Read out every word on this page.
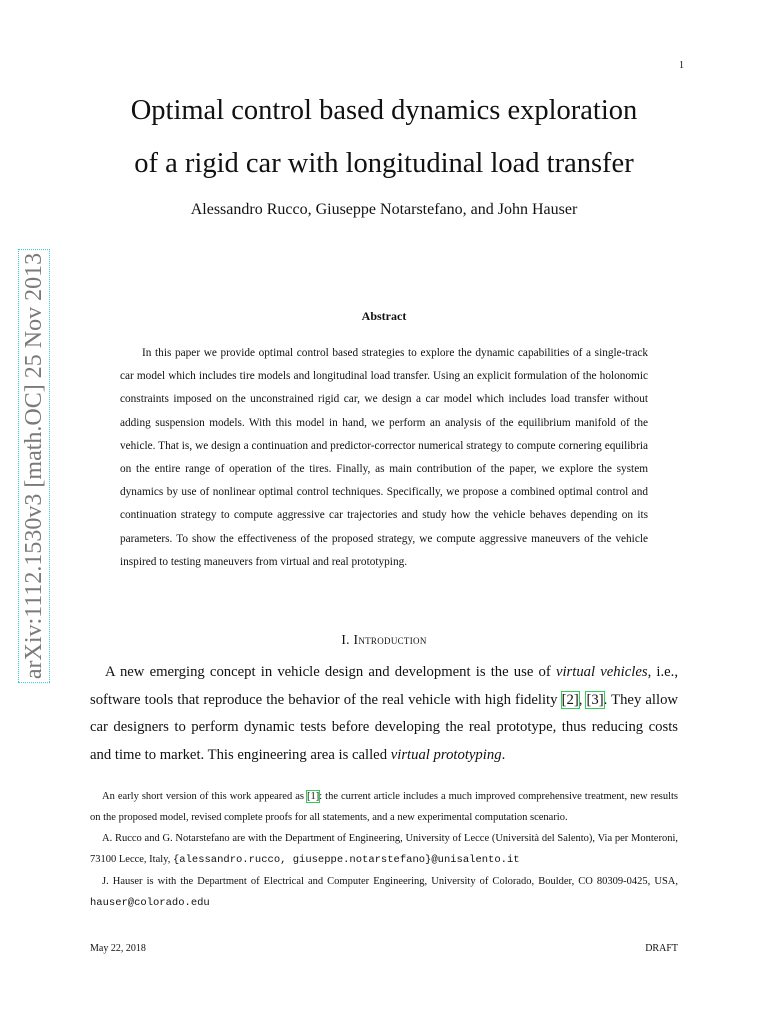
1
Optimal control based dynamics exploration
of a rigid car with longitudinal load transfer
Alessandro Rucco, Giuseppe Notarstefano, and John Hauser
arXiv:1112.1530v3 [math.OC] 25 Nov 2013	Abstract

In this paper we provide optimal control based strategies to explore the dynamic capabilities of a single-track car model which includes tire models and longitudinal load transfer. Using an explicit formulation of the holonomic constraints imposed on the unconstrained rigid car, we design a car model which includes load transfer without adding suspension models. With this model in hand, we perform an analysis of the equilibrium manifold of the vehicle. That is, we design a continuation and predictor-corrector numerical strategy to compute cornering equilibria on the entire range of operation of the tires. Finally, as main contribution of the paper, we explore the system dynamics by use of nonlinear optimal control techniques. Specifically, we propose a combined optimal control and continuation strategy to compute aggressive car trajectories and study how the vehicle behaves depending on its parameters. To show the effectiveness of the proposed strategy, we compute aggressive maneuvers of the vehicle inspired to testing maneuvers from virtual and real prototyping.

I. Introduction

A new emerging concept in vehicle design and development is the use of virtual vehicles, i.e., software tools that reproduce the behavior of the real vehicle with high fidelity [2], [3]. They allow car designers to perform dynamic tests before developing the real prototype, thus reducing costs and time to market. This engineering area is called virtual prototyping.

An early short version of this work appeared as [1]: the current article includes a much improved comprehensive treatment, new results on the proposed model, revised complete proofs for all statements, and a new experimental computation scenario.

A. Rucco and G. Notarstefano are with the Department of Engineering, University of Lecce (Università del Salento), Via per Monteroni, 73100 Lecce, Italy, {alessandro.rucco, giuseppe.notarstefano}@unisalento.it

J. Hauser is with the Department of Electrical and Computer Engineering, University of Colorado, Boulder, CO 80309-0425, USA, hauser@colorado.edu

May 22, 2018	DRAFT
